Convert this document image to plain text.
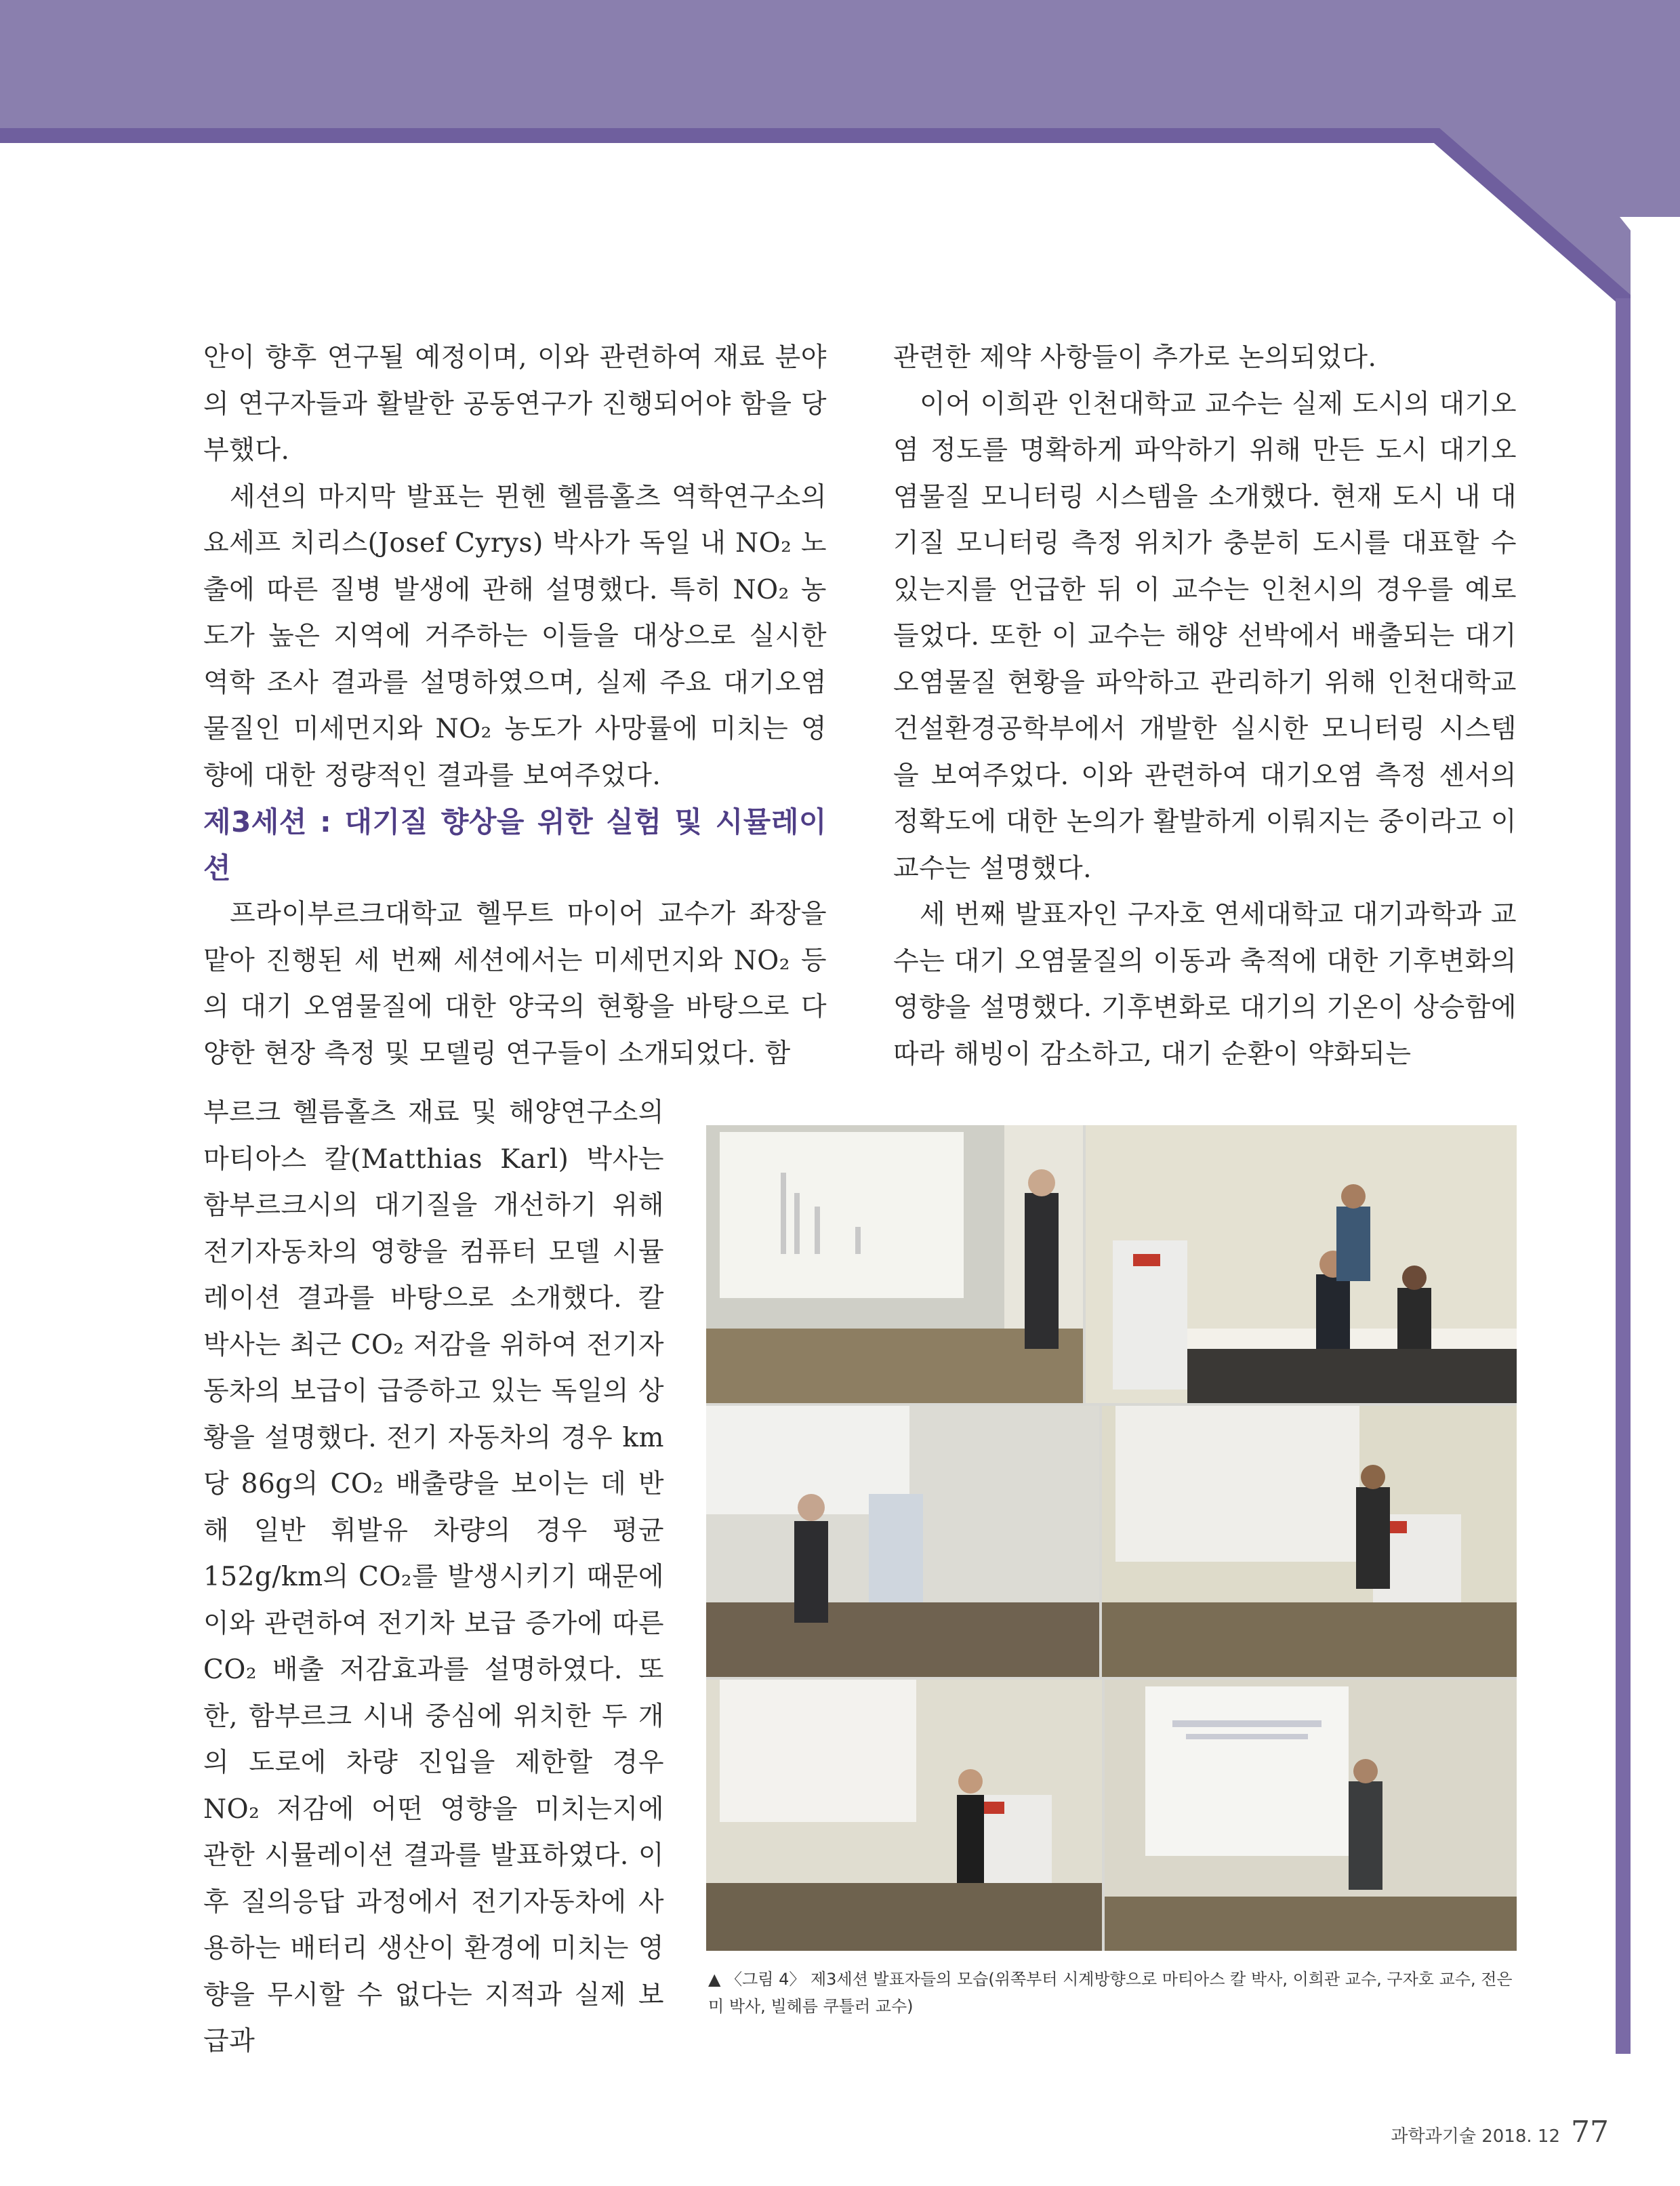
안이 향후 연구될 예정이며, 이와 관련하여 재료 분야의 연구자들과 활발한 공동연구가 진행되어야 함을 당부했다.

세션의 마지막 발표는 뮌헨 헬름홀츠 역학연구소의 요세프 치리스(Josef Cyrys) 박사가 독일 내 NO₂ 노출에 따른 질병 발생에 관해 설명했다. 특히 NO₂ 농도가 높은 지역에 거주하는 이들을 대상으로 실시한 역학 조사 결과를 설명하였으며, 실제 주요 대기오염물질인 미세먼지와 NO₂ 농도가 사망률에 미치는 영향에 대한 정량적인 결과를 보여주었다.

제3세션 : 대기질 향상을 위한 실험 및 시뮬레이션

프라이부르크대학교 헬무트 마이어 교수가 좌장을 맡아 진행된 세 번째 세션에서는 미세먼지와 NO₂ 등의 대기 오염물질에 대한 양국의 현황을 바탕으로 다양한 현장 측정 및 모델링 연구들이 소개되었다. 함

부르크 헬름홀츠 재료 및 해양연구소의 마티아스 칼(Matthias Karl) 박사는 함부르크시의 대기질을 개선하기 위해 전기자동차의 영향을 컴퓨터 모델 시뮬레이션 결과를 바탕으로 소개했다. 칼 박사는 최근 CO₂ 저감을 위하여 전기자동차의 보급이 급증하고 있는 독일의 상황을 설명했다. 전기 자동차의 경우 km당 86g의 CO₂ 배출량을 보이는 데 반해 일반 휘발유 차량의 경우 평균 152g/km의 CO₂를 발생시키기 때문에 이와 관련하여 전기차 보급 증가에 따른 CO₂ 배출 저감효과를 설명하였다. 또한, 함부르크 시내 중심에 위치한 두 개의 도로에 차량 진입을 제한할 경우 NO₂ 저감에 어떤 영향을 미치는지에 관한 시뮬레이션 결과를 발표하였다. 이후 질의응답 과정에서 전기자동차에 사용하는 배터리 생산이 환경에 미치는 영향을 무시할 수 없다는 지적과 실제 보급과

관련한 제약 사항들이 추가로 논의되었다.

이어 이희관 인천대학교 교수는 실제 도시의 대기오염 정도를 명확하게 파악하기 위해 만든 도시 대기오염물질 모니터링 시스템을 소개했다. 현재 도시 내 대기질 모니터링 측정 위치가 충분히 도시를 대표할 수 있는지를 언급한 뒤 이 교수는 인천시의 경우를 예로 들었다. 또한 이 교수는 해양 선박에서 배출되는 대기오염물질 현황을 파악하고 관리하기 위해 인천대학교 건설환경공학부에서 개발한 실시한 모니터링 시스템을 보여주었다. 이와 관련하여 대기오염 측정 센서의 정확도에 대한 논의가 활발하게 이뤄지는 중이라고 이 교수는 설명했다.

세 번째 발표자인 구자호 연세대학교 대기과학과 교수는 대기 오염물질의 이동과 축적에 대한 기후변화의 영향을 설명했다. 기후변화로 대기의 기온이 상승함에 따라 해빙이 감소하고, 대기 순환이 약화되는

▲ 〈그림 4〉 제3세션 발표자들의 모습(위쪽부터 시계방향으로 마티아스 칼 박사, 이희관 교수, 구자호 교수, 전은미 박사, 빌헤름 쿠틀러 교수)
과학과기술 2018. 12 77
